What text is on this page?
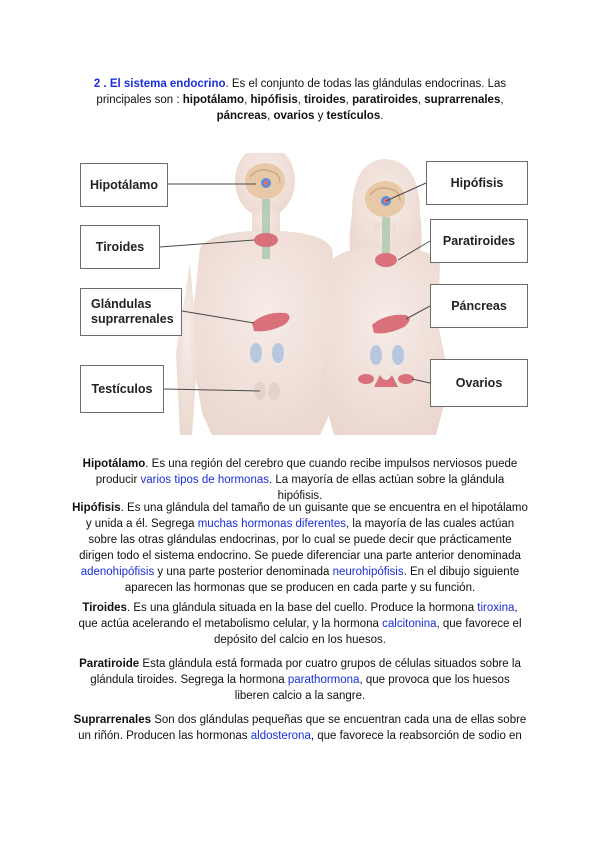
2 . El sistema endocrino. Es el conjunto de todas las glándulas endocrinas. Las principales son : hipotálamo, hipófisis, tiroides, paratiroides, suprarrenales, páncreas, ovarios y testículos.
Hipotálamo
Tiroides
Glándulas
suprarrenales
Testículos
Hipófisis
Paratiroides
Páncreas
Ovarios
Hipotálamo. Es una región del cerebro que cuando recibe impulsos nerviosos puede producir varios tipos de hormonas. La mayoría de ellas actúan sobre la glándula hipófisis.
Hipófisis. Es una glándula del tamaño de un guisante que se encuentra en el hipotálamo y unida a él. Segrega muchas hormonas diferentes, la mayoría de las cuales actúan sobre las otras glándulas endocrinas, por lo cual se puede decir que prácticamente dirigen todo el sistema endocrino. Se puede diferenciar una parte anterior denominada adenohipófisis y una parte posterior denominada neurohipófisis. En el dibujo siguiente aparecen las hormonas que se producen en cada parte y su función.
Tiroides. Es una glándula situada en la base del cuello. Produce la hormona tiroxina, que actúa acelerando el metabolismo celular, y la hormona calcitonina, que favorece el depósito del calcio en los huesos.
Paratiroide Esta glándula está formada por cuatro grupos de células situados sobre la glándula tiroides. Segrega la hormona parathormona, que provoca que los huesos liberen calcio a la sangre.
Suprarrenales Son dos glándulas pequeñas que se encuentran cada una de ellas sobre un riñón. Producen las hormonas aldosterona, que favorece la reabsorción de sodio en
